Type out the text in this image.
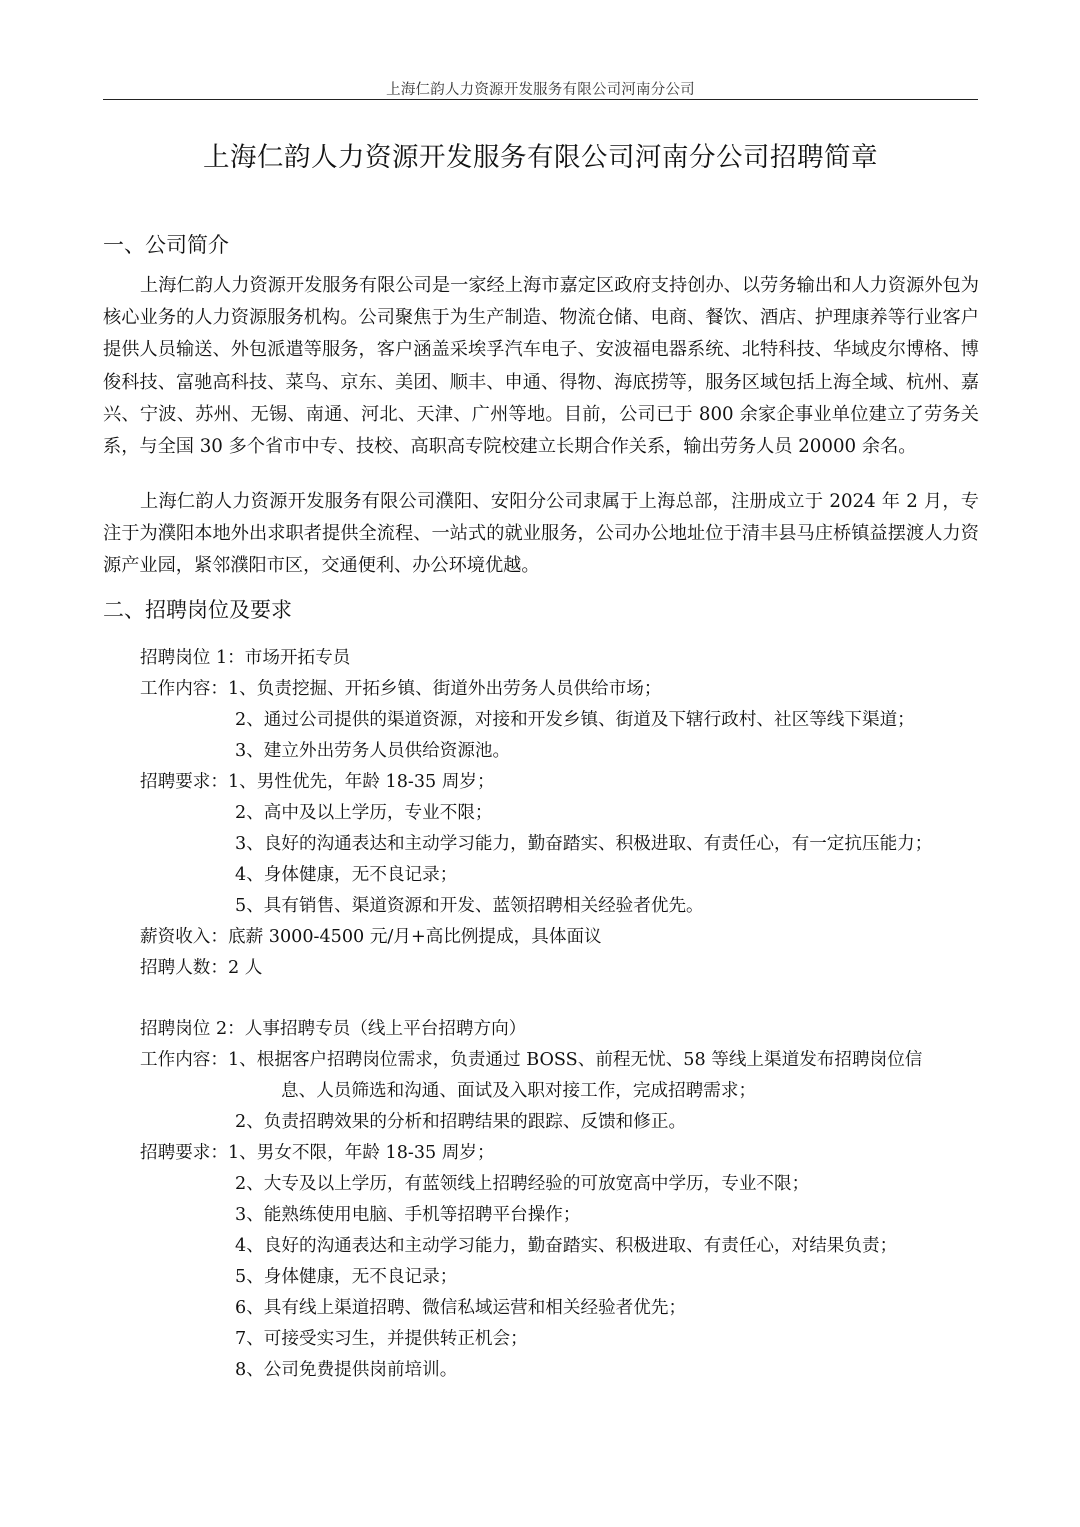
上海仁韵人力资源开发服务有限公司河南分公司
上海仁韵人力资源开发服务有限公司河南分公司招聘简章
一、公司简介

上海仁韵人力资源开发服务有限公司是一家经上海市嘉定区政府支持创办、以劳务输出和人力资源外包为核心业务的人力资源服务机构。公司聚焦于为生产制造、物流仓储、电商、餐饮、酒店、护理康养等行业客户提供人员输送、外包派遣等服务，客户涵盖采埃孚汽车电子、安波福电器系统、北特科技、华域皮尔博格、博俊科技、富驰高科技、菜鸟、京东、美团、顺丰、申通、得物、海底捞等，服务区域包括上海全域、杭州、嘉兴、宁波、苏州、无锡、南通、河北、天津、广州等地。目前，公司已于 800 余家企事业单位建立了劳务关系，与全国 30 多个省市中专、技校、高职高专院校建立长期合作关系，输出劳务人员 20000 余名。

上海仁韵人力资源开发服务有限公司濮阳、安阳分公司隶属于上海总部，注册成立于 2024 年 2 月，专注于为濮阳本地外出求职者提供全流程、一站式的就业服务，公司办公地址位于清丰县马庄桥镇益摆渡人力资源产业园，紧邻濮阳市区，交通便利、办公环境优越。

二、招聘岗位及要求
招聘岗位 1：市场开拓专员
工作内容：1、负责挖掘、开拓乡镇、街道外出劳务人员供给市场；
2、通过公司提供的渠道资源，对接和开发乡镇、街道及下辖行政村、社区等线下渠道；
3、建立外出劳务人员供给资源池。
招聘要求：1、男性优先，年龄 18-35 周岁；
2、高中及以上学历，专业不限；
3、良好的沟通表达和主动学习能力，勤奋踏实、积极进取、有责任心，有一定抗压能力；
4、身体健康，无不良记录；
5、具有销售、渠道资源和开发、蓝领招聘相关经验者优先。
薪资收入：底薪 3000-4500 元/月+高比例提成，具体面议
招聘人数：2 人
招聘岗位 2：人事招聘专员（线上平台招聘方向）
工作内容：1、根据客户招聘岗位需求，负责通过 BOSS、前程无忧、58 等线上渠道发布招聘岗位信
息、人员筛选和沟通、面试及入职对接工作，完成招聘需求；
2、负责招聘效果的分析和招聘结果的跟踪、反馈和修正。
招聘要求：1、男女不限，年龄 18-35 周岁；
2、大专及以上学历，有蓝领线上招聘经验的可放宽高中学历，专业不限；
3、能熟练使用电脑、手机等招聘平台操作；
4、良好的沟通表达和主动学习能力，勤奋踏实、积极进取、有责任心，对结果负责；
5、身体健康，无不良记录；
6、具有线上渠道招聘、微信私域运营和相关经验者优先；
7、可接受实习生，并提供转正机会；
8、公司免费提供岗前培训。
